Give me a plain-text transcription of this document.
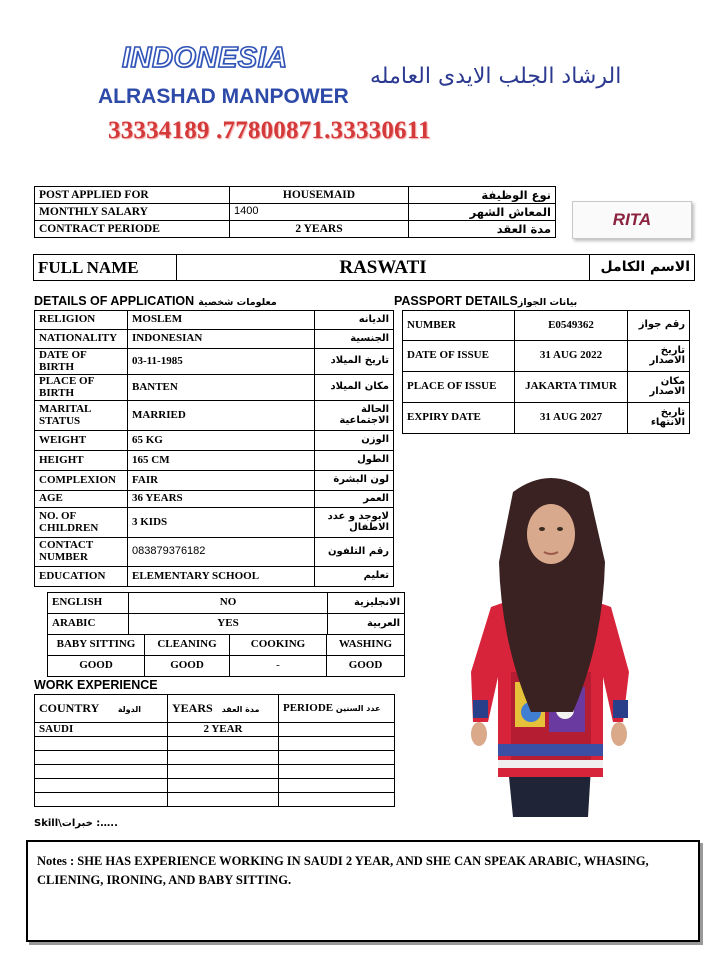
INDONESIA
ALRASHAD MANPOWER
الرشاد الجلب الايدى العامله
33334189 .77800871.33330611
POST APPLIED FOR	HOUSEMAID	نوع الوظيفة
MONTHLY SALARY	1400	المعاش الشهر
CONTRACT PERIODE	2 YEARS	مدة العقد	RITA
FULL NAME	RASWATI	الاسم الكامل
DETAILS OF APPLICATION معلومات شخصية	PASSPORT DETAILSبيانات الجواز
RELIGION	MOSLEM	الديانه
NATIONALITY	INDONESIAN	الجنسية
DATE OF BIRTH	03-11-1985	تاريخ الميلاد
PLACE OF BIRTH	BANTEN	مكان الميلاد
MARITAL STATUS	MARRIED	الحالة الاجتماعية
WEIGHT	65 KG	الوزن
HEIGHT	165 CM	الطول
COMPLEXION	FAIR	لون البشرة
AGE	36 YEARS	العمر
NO. OF CHILDREN	3 KIDS	لايوجد و عدد الاطفال
CONTACT NUMBER	083879376182	رقم التلفون
EDUCATION	ELEMENTARY SCHOOL	تعليم
ENGLISH	NO	الانجليزية
ARABIC	YES	العربية
BABY SITTING	CLEANING	COOKING	WASHING
GOOD	GOOD	-	GOOD
NUMBER	E0549362	رقم جواز
DATE OF ISSUE	31 AUG 2022	تاريخ الاصدار
PLACE OF ISSUE	JAKARTA TIMUR	مكان الاصدار
EXPIRY DATE	31 AUG 2027	تاريخ الانتهاء
WORK EXPERIENCE
COUNTRY الدولة	YEARS مدة العقد	PERIODE عدد السنين
SAUDI	2 YEAR	

Skill\خبرات :…..
Notes : SHE HAS EXPERIENCE WORKING IN SAUDI 2 YEAR, AND SHE CAN SPEAK ARABIC, WHASING, CLIENING, IRONING, AND BABY SITTING.
